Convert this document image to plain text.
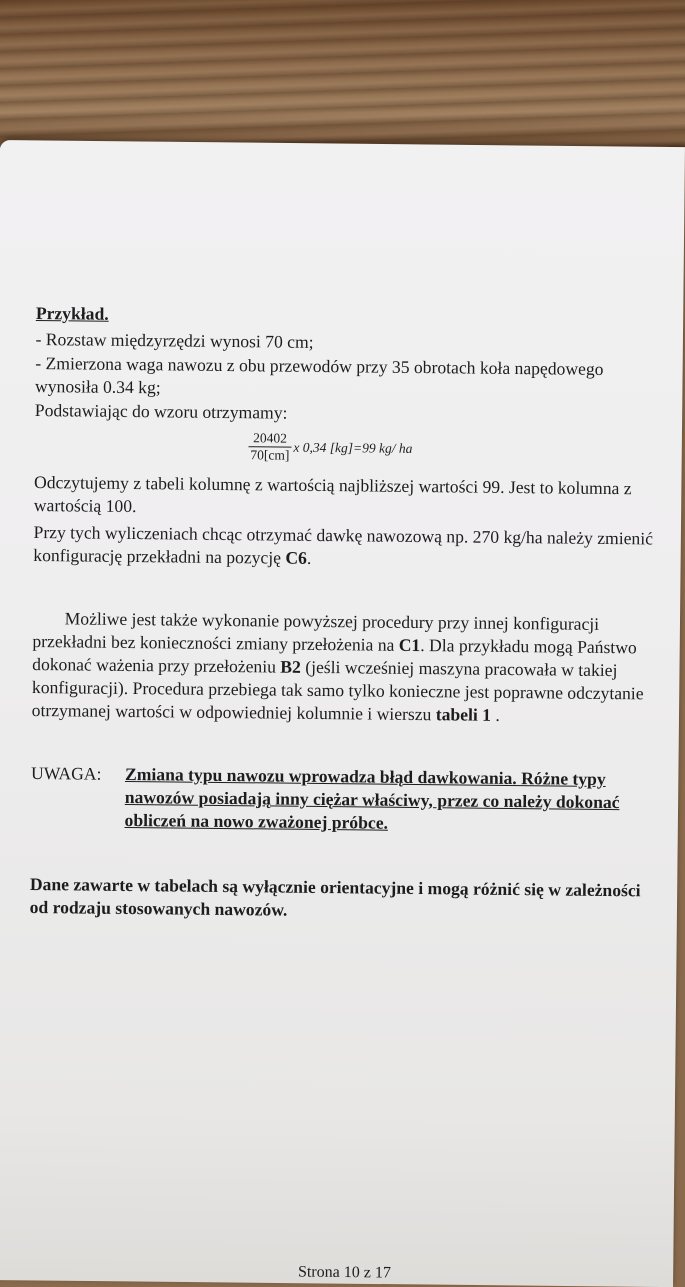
Przykład.
- Rozstaw międzyrzędzi wynosi 70 cm;
- Zmierzona waga nawozu z obu przewodów przy 35 obrotach koła napędowego wynosiła 0.34 kg;
Podstawiając do wzoru otrzymamy:
$\frac{20402}{70[cm]}$ x 0,34 [kg]=99 kg/ ha
Odczytujemy z tabeli kolumnę z wartością najbliższej wartości 99. Jest to kolumna z wartością 100.
Przy tych wyliczeniach chcąc otrzymać dawkę nawozową np. 270 kg/ha należy zmienić konfigurację przekładni na pozycję C6.
Możliwe jest także wykonanie powyższej procedury przy innej konfiguracji przekładni bez konieczności zmiany przełożenia na C1. Dla przykładu mogą Państwo dokonać ważenia przy przełożeniu B2 (jeśli wcześniej maszyna pracowała w takiej konfiguracji). Procedura przebiega tak samo tylko konieczne jest poprawne odczytanie otrzymanej wartości w odpowiedniej kolumnie i wierszu tabeli 1 .
UWAGA:	Zmiana typu nawozu wprowadza błąd dawkowania. Różne typy nawozów posiadają inny ciężar właściwy, przez co należy dokonać obliczeń na nowo zważonej próbce.
Dane zawarte w tabelach są wyłącznie orientacyjne i mogą różnić się w zależności od rodzaju stosowanych nawozów.
Strona 10 z 17
